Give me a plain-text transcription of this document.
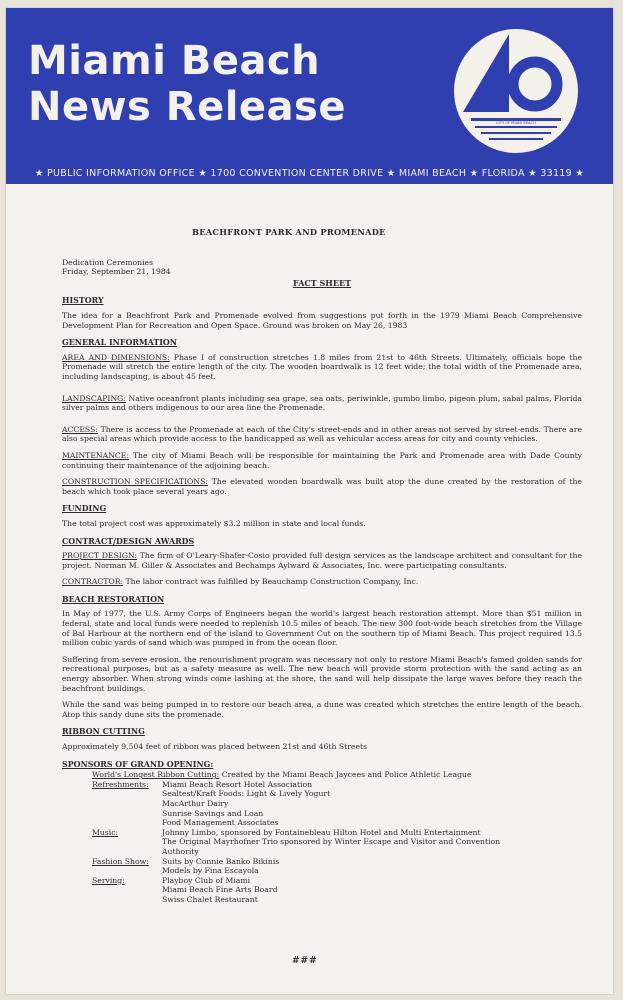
Miami Beach
News Release	CITY OF MIAMI BEACH
★ PUBLIC INFORMATION OFFICE ★ 1700 CONVENTION CENTER DRIVE ★ MIAMI BEACH ★ FLORIDA ★ 33119 ★

BEACHFRONT PARK AND PROMENADE
Dedication Ceremonies
Friday, September 21, 1984
FACT SHEET
HISTORY
The idea for a Beachfront Park and Promenade evolved from suggestions put forth in the 1979 Miami Beach Comprehensive Development Plan for Recreation and Open Space. Ground was broken on May 26, 1983
GENERAL INFORMATION
AREA AND DIMENSIONS: Phase I of construction stretches 1.8 miles from 21st to 46th Streets. Ultimately, officials hope the Promenade will stretch the entire length of the city. The wooden boardwalk is 12 feet wide; the total width of the Promenade area, including landscaping, is about 45 feet.
LANDSCAPING: Native oceanfront plants including sea grape, sea oats, periwinkle, gumbo limbo, pigeon plum, sabal palms, Florida silver palms and others indigenous to our area line the Promenade.
ACCESS: There is access to the Promenade at each of the City's street-ends and in other areas not served by street-ends. There are also special areas which provide access to the handicapped as well as vehicular access areas for city and county vehicles.
MAINTENANCE: The city of Miami Beach will be responsible for maintaining the Park and Promenade area with Dade County continuing their maintenance of the adjoining beach.
CONSTRUCTION SPECIFICATIONS: The elevated wooden boardwalk was built atop the dune created by the restoration of the beach which took place several years ago.
FUNDING
The total project cost was approximately $3.2 million in state and local funds.
CONTRACT/DESIGN AWARDS
PROJECT DESIGN: The firm of O'Leary-Shafer-Cosio provided full design services as the landscape architect and consultant for the project. Norman M. Giller & Associates and Bechamps Aylward & Associates, Inc. were participating consultants.
CONTRACTOR: The labor contract was fulfilled by Beauchamp Construction Company, Inc.
BEACH RESTORATION
In May of 1977, the U.S. Army Corps of Engineers began the world's largest beach restoration attempt. More than $51 million in federal, state and local funds were needed to replenish 10.5 miles of beach. The new 300 foot-wide beach stretches from the Village of Bal Harbour at the northern end of the island to Government Cut on the southern tip of Miami Beach. This project required 13.5 million cubic yards of sand which was pumped in from the ocean floor.
Suffering from severe erosion, the renourishment program was necessary not only to restore Miami Beach's famed golden sands for recreational purposes, but as a safety measure as well. The new beach will provide storm protection with the sand acting as an energy absorber. When strong winds come lashing at the shore, the sand will help dissipate the large waves before they reach the beachfront buildings.
While the sand was being pumped in to restore our beach area, a dune was created which stretches the entire length of the beach. Atop this sandy dune sits the promenade.
RIBBON CUTTING
Approximately 9,504 feet of ribbon was placed between 21st and 46th Streets
SPONSORS OF GRAND OPENING:
World's Longest Ribbon Cutting: Created by the Miami Beach Jaycees and Police Athletic League
Refreshments:	Miami Beach Resort Hotel Association
Sealtest/Kraft Foods: Light & Lively Yogurt
MacArthur Dairy
Sunrise Savings and Loan
Food Management Associates
Music:	Johnny Limbo, sponsored by Fontainebleau Hilton Hotel and Multi Entertainment
The Original Mayrhofner Trio sponsored by Winter Escape and Visitor and Convention
Authority
Fashion Show:	Suits by Connie Banko Bikinis
Models by Fina Escayola
Serving:	Playboy Club of Miami
Miami Beach Fine Arts Board
Swiss Chalet Restaurant
###
